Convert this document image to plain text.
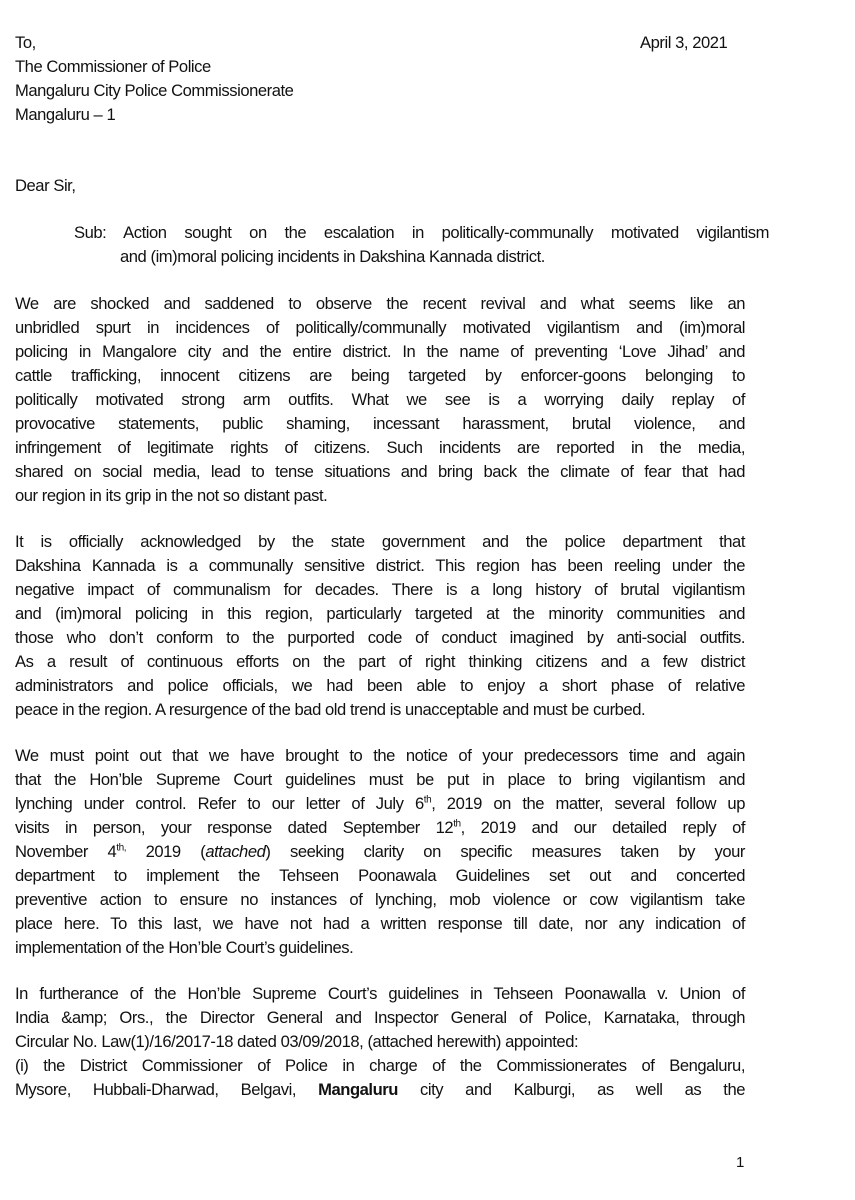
To,	April 3, 2021
The Commissioner of Police
Mangaluru City Police Commissionerate
Mangaluru – 1
Dear Sir,
Sub: Action sought on the escalation in politically-communally motivated vigilantism
and (im)moral policing incidents in Dakshina Kannada district.
We are shocked and saddened to observe the recent revival and what seems like an
unbridled spurt in incidences of politically/communally motivated vigilantism and (im)moral
policing in Mangalore city and the entire district. In the name of preventing ‘Love Jihad’ and
cattle trafficking, innocent citizens are being targeted by enforcer-goons belonging to
politically motivated strong arm outfits. What we see is a worrying daily replay of
provocative statements, public shaming, incessant harassment, brutal violence, and
infringement of legitimate rights of citizens. Such incidents are reported in the media,
shared on social media, lead to tense situations and bring back the climate of fear that had
our region in its grip in the not so distant past.
It is officially acknowledged by the state government and the police department that
Dakshina Kannada is a communally sensitive district. This region has been reeling under the
negative impact of communalism for decades. There is a long history of brutal vigilantism
and (im)moral policing in this region, particularly targeted at the minority communities and
those who don’t conform to the purported code of conduct imagined by anti-social outfits.
As a result of continuous efforts on the part of right thinking citizens and a few district
administrators and police officials, we had been able to enjoy a short phase of relative
peace in the region. A resurgence of the bad old trend is unacceptable and must be curbed.
We must point out that we have brought to the notice of your predecessors time and again
that the Hon’ble Supreme Court guidelines must be put in place to bring vigilantism and
lynching under control. Refer to our letter of July 6th, 2019 on the matter, several follow up
visits in person, your response dated September 12th, 2019 and our detailed reply of
November $4^{th,}$ 2019 (attached) seeking clarity on specific measures taken by your
department to implement the Tehseen Poonawala Guidelines set out and concerted
preventive action to ensure no instances of lynching, mob violence or cow vigilantism take
place here. To this last, we have not had a written response till date, nor any indication of
implementation of the Hon’ble Court’s guidelines.
In furtherance of the Hon’ble Supreme Court’s guidelines in Tehseen Poonawalla v. Union of
India &amp; Ors., the Director General and Inspector General of Police, Karnataka, through
Circular No. Law(1)/16/2017-18 dated 03/09/2018, (attached herewith) appointed:
(i) the District Commissioner of Police in charge of the Commissionerates of Bengaluru,
Mysore, Hubbali-Dharwad, Belgavi, Mangaluru city and Kalburgi, as well as the
1
